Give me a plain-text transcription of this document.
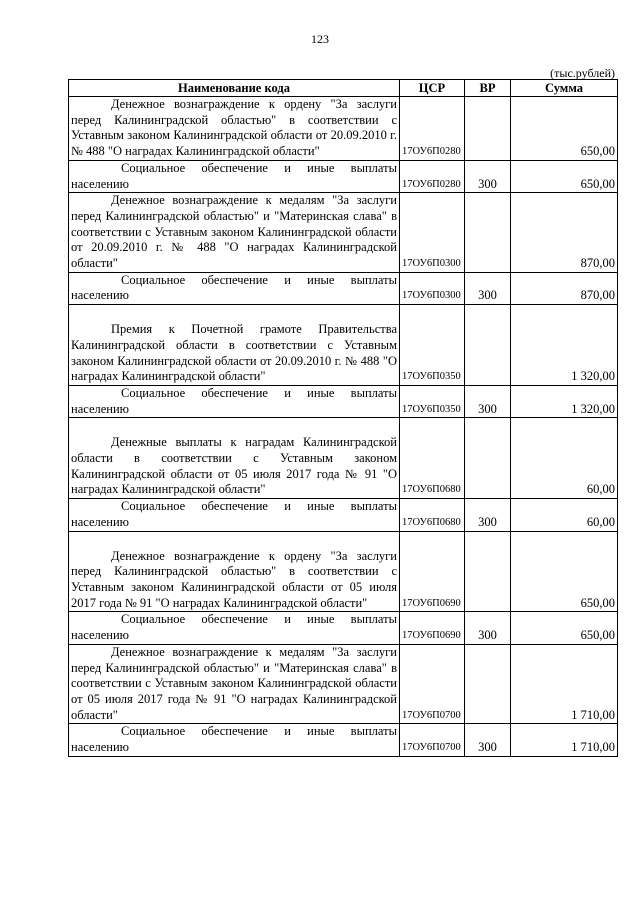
123
(тыс.рублей)
Наименование кода	ЦСР	ВР	Сумма

Денежное вознаграждение к ордену "За заслуги перед Калининградской областью" в соответствии с Уставным законом Калининградской области от 20.09.2010 г. № 488 "О наградах Калининградской области"	17ОУ6П0280		650,00

Социальное обеспечение и иные выплаты населению	17ОУ6П0280	300	650,00

Денежное вознаграждение к медалям "За заслуги перед Калининградской областью" и "Материнская слава" в соответствии с Уставным законом Калининградской области от 20.09.2010 г. № 488 "О наградах Калининградской области"	17ОУ6П0300		870,00

Социальное обеспечение и иные выплаты населению	17ОУ6П0300	300	870,00

Премия к Почетной грамоте Правительства Калининградской области в соответствии с Уставным законом Калининградской области от 20.09.2010 г. № 488 "О наградах Калининградской области"	17ОУ6П0350		1 320,00

Социальное обеспечение и иные выплаты населению	17ОУ6П0350	300	1 320,00

Денежные выплаты к наградам Калининградской области в соответствии с Уставным законом Калининградской области от 05 июля 2017 года № 91 "О наградах Калининградской области"	17ОУ6П0680		60,00

Социальное обеспечение и иные выплаты населению	17ОУ6П0680	300	60,00

Денежное вознаграждение к ордену "За заслуги перед Калининградской областью" в соответствии с Уставным законом Калининградской области от 05 июля 2017 года № 91 "О наградах Калининградской области"	17ОУ6П0690		650,00

Социальное обеспечение и иные выплаты населению	17ОУ6П0690	300	650,00

Денежное вознаграждение к медалям "За заслуги перед Калининградской областью" и "Материнская слава" в соответствии с Уставным законом Калининградской области от 05 июля 2017 года № 91 "О наградах Калининградской области"	17ОУ6П0700		1 710,00

Социальное обеспечение и иные выплаты населению	17ОУ6П0700	300	1 710,00
